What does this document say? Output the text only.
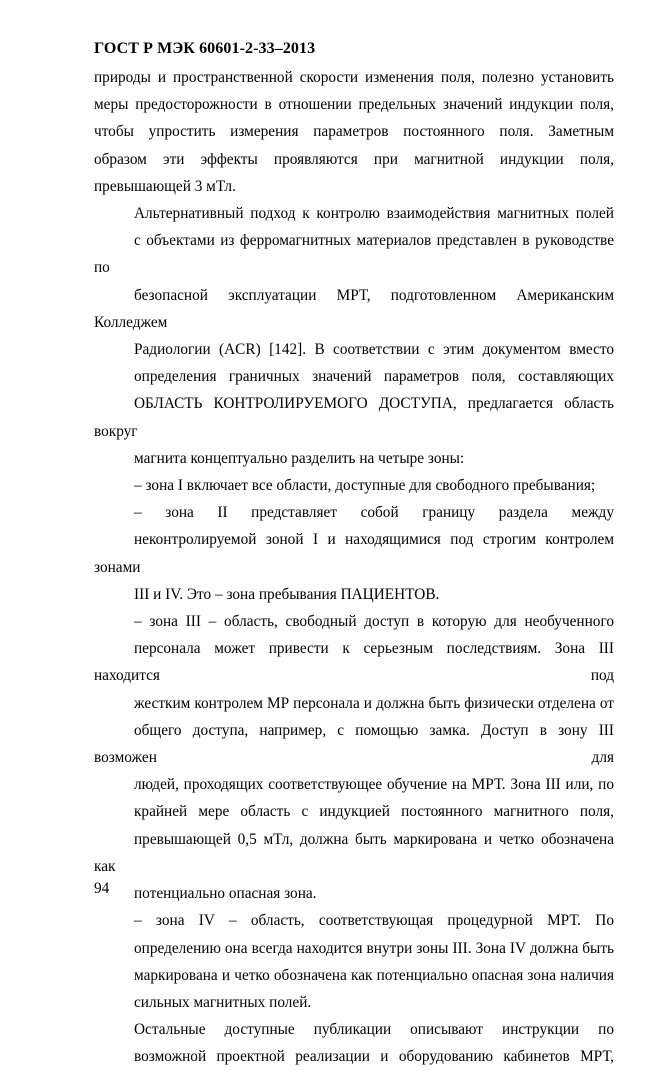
ГОСТ Р МЭК 60601-2-33–2013
природы и пространственной скорости изменения поля, полезно установить
меры предосторожности в отношении предельных значений индукции поля,
чтобы упростить измерения параметров постоянного поля. Заметным
образом эти эффекты проявляются при магнитной индукции поля,
превышающей 3 мТл.
Альтернативный подход к контролю взаимодействия магнитных полей
с объектами из ферромагнитных материалов представлен в руководстве по
безопасной эксплуатации МРТ, подготовленном Американским Колледжем
Радиологии (ACR) [142]. В соответствии с этим документом вместо
определения граничных значений параметров поля, составляющих
ОБЛАСТЬ КОНТРОЛИРУЕМОГО ДОСТУПА, предлагается область вокруг
магнита концептуально разделить на четыре зоны:
– зона I включает все области, доступные для свободного пребывания;
– зона II представляет собой границу раздела между
неконтролируемой зоной I и находящимися под строгим контролем зонами
III и IV. Это – зона пребывания ПАЦИЕНТОВ.
– зона III – область, свободный доступ в которую для необученного
персонала может привести к серьезным последствиям. Зона III находится под
жестким контролем МР персонала и должна быть физически отделена от
общего доступа, например, с помощью замка. Доступ в зону III возможен для
людей, проходящих соответствующее обучение на МРТ. Зона III или, по
крайней мере область с индукцией постоянного магнитного поля,
превышающей 0,5 мТл, должна быть маркирована и четко обозначена как
потенциально опасная зона.
– зона IV – область, соответствующая процедурной МРТ. По
определению она всегда находится внутри зоны III. Зона IV должна быть
маркирована и четко обозначена как потенциально опасная зона наличия
сильных магнитных полей.
Остальные доступные публикации описывают инструкции по
возможной проектной реализации и оборудованию кабинетов МРТ,
94
